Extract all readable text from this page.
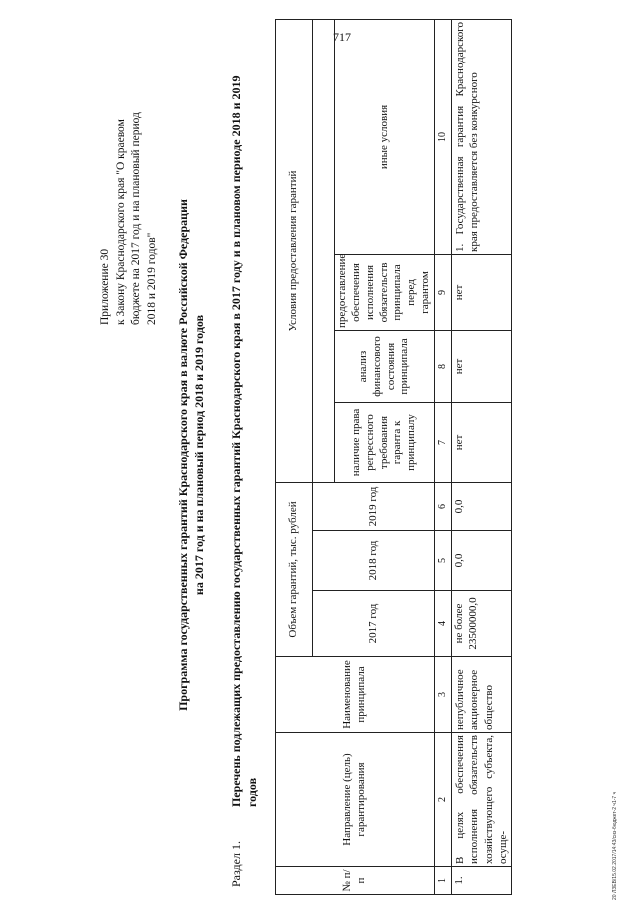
717
20 ЛЗЕВ/15.02.2017/14:43/сиз-бюджет-2 ч1-7 ч
Приложение 30 к Закону Краснодарского края "О краевом бюджете на 2017 год и на плановый период 2018 и 2019 годов" Программа государственных гарантий Краснодарского края в валюте Российской Федерации на 2017 год и на плановый период 2018 и 2019 годов
Раздел 1.
Перечень подлежащих предоставлению государственных гарантий Краснодарского края в 2017 году и в плановом периоде 2018 и 2019 годов
№ п/п	Направление (цель) гарантирования	Наименование принципала	Объем гарантий, тыс. рублей			Условия предоставления гарантий			
			2017 год	2018 год	2019 год				
						наличие права регрессного требования гаранта к принципалу	анализ финансового состояния принципала	предоставление обеспечения исполнения обязательств принципала перед гарантом	иные условия
1	2	3	4	5	6	7	8	9	10
1.	В целях обеспечения исполнения обязательств хозяйствующего субъекта, осуще-	непубличное акционерное общество	не более 23500000,0	0,0	0,0	нет	нет	нет	1. Государственная гарантия Краснодарского края предоставляется без конкурсного
